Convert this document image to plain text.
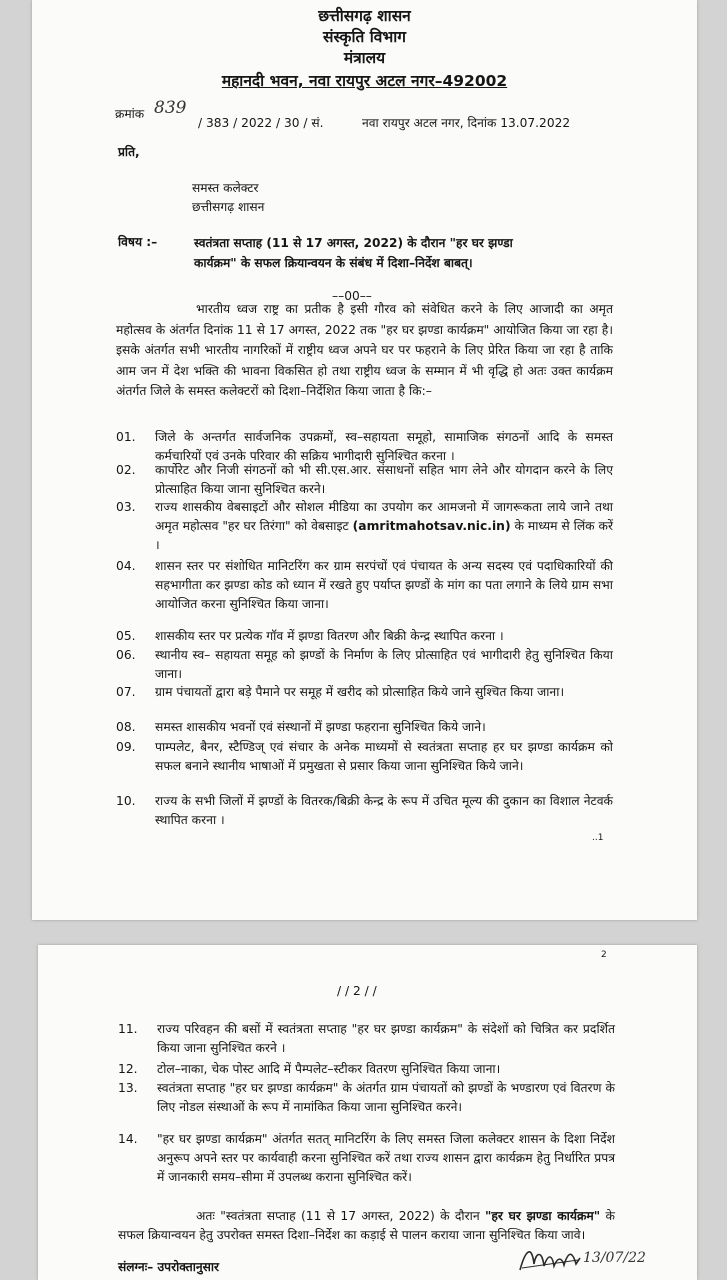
छत्तीसगढ़ शासन
संस्कृति विभाग
मंत्रालय
महानदी भवन, नवा रायपुर अटल नगर–492002
क्रमांक 839
/ 383 / 2022 / 30 / सं.	नवा रायपुर अटल नगर, दिनांक 13.07.2022
प्रति,
समस्त कलेक्टर
छत्तीसगढ़ शासन
विषय :–	स्वतंत्रता सप्ताह (11 से 17 अगस्त, 2022) के दौरान "हर घर झण्डा
कार्यक्रम" के सफल क्रियान्वयन के संबंध में दिशा–निर्देश बाबत्।
––00––
भारतीय ध्वज राष्ट्र का प्रतीक है इसी गौरव को संवेधित करने के लिए आजादी का अमृत महोत्सव के अंतर्गत दिनांक 11 से 17 अगस्त, 2022 तक "हर घर झण्डा कार्यक्रम" आयोजित किया जा रहा है। इसके अंतर्गत सभी भारतीय नागरिकों में राष्ट्रीय ध्वज अपने घर पर फहराने के लिए प्रेरित किया जा रहा है ताकि आम जन में देश भक्ति की भावना विकसित हो तथा राष्ट्रीय ध्वज के सम्मान में भी वृद्धि हो अतः उक्त कार्यक्रम अंतर्गत जिले के समस्त कलेक्टरों को दिशा–निर्देशित किया जाता है कि:–
01.	जिले के अन्तर्गत सार्वजनिक उपक्रमों, स्व–सहायता समूहो, सामाजिक संगठनों आदि के समस्त कर्मचारियों एवं उनके परिवार की सक्रिय भागीदारी सुनिश्चित करना ।
02.	कार्पोरेट और निजी संगठनों को भी सी.एस.आर. संसाधनों सहित भाग लेने और योगदान करने के लिए प्रोत्साहित किया जाना सुनिश्चित करने।
03.	राज्य शासकीय वेबसाइटों और सोशल मीडिया का उपयोग कर आमजनो में जागरूकता लाये जाने तथा अमृत महोत्सव "हर घर तिरंगा" को वेबसाइट (amritmahotsav.nic.in) के माध्यम से लिंक करें ।
04.	शासन स्तर पर संशोधित मानिटरिंग कर ग्राम सरपंचों एवं पंचायत के अन्य सदस्य एवं पदाधिकारियों की सहभागीता कर झण्डा कोड को ध्यान में रखते हुए पर्याप्त झण्डों के मांग का पता लगाने के लिये ग्राम सभा आयोजित करना सुनिश्चित किया जाना।
05.	शासकीय स्तर पर प्रत्येक गॉव में झण्डा वितरण और बिक्री केन्द्र स्थापित करना ।
06.	स्थानीय स्व– सहायता समूह को झण्डों के निर्माण के लिए प्रोत्साहित एवं भागीदारी हेतु सुनिश्चित किया जाना।
07.	ग्राम पंचायतों द्वारा बड़े पैमाने पर समूह में खरीद को प्रोत्साहित किये जाने सुश्चित किया जाना।
08.	समस्त शासकीय भवनों एवं संस्थानों में झण्डा फहराना सुनिश्चित किये जाने।
09.	पाम्पलेट, बैनर, स्टैण्डिज् एवं संचार के अनेक माध्यमों से स्वतंत्रता सप्ताह हर घर झण्डा कार्यक्रम को सफल बनाने स्थानीय भाषाओं में प्रमुखता से प्रसार किया जाना सुनिश्चित किये जाने।
10.	राज्य के सभी जिलों में झण्डों के वितरक/बिक्री केन्द्र के रूप में उचित मूल्य की दुकान का विशाल नेटवर्क स्थापित करना ।
..1
2
/ / 2 / /
11.	राज्य परिवहन की बसों में स्वतंत्रता सप्ताह "हर घर झण्डा कार्यक्रम" के संदेशों को चित्रित कर प्रदर्शित किया जाना सुनिश्चित करने ।
12.	टोल–नाका, चेक पोस्ट आदि में पैम्पलेट–स्टीकर वितरण सुनिश्चित किया जाना।
13.	स्वतंत्रता सप्ताह "हर घर झण्डा कार्यक्रम" के अंतर्गत ग्राम पंचायतों को झण्डों के भण्डारण एवं वितरण के लिए नोडल संस्थाओं के रूप में नामांकित किया जाना सुनिश्चित करने।
14.	"हर घर झण्डा कार्यक्रम" अंतर्गत सतत् मानिटरिंग के लिए समस्त जिला कलेक्टर शासन के दिशा निर्देश अनुरूप अपने स्तर पर कार्यवाही करना सुनिश्चित करें तथा राज्य शासन द्वारा कार्यक्रम हेतु निर्धारित प्रपत्र में जानकारी समय–सीमा में उपलब्ध कराना सुनिश्चित करें।
अतः "स्वतंत्रता सप्ताह (11 से 17 अगस्त, 2022) के दौरान "हर घर झण्डा कार्यक्रम" के सफल क्रियान्वयन हेतु उपरोक्त समस्त दिशा–निर्देश का कड़ाई से पालन कराया जाना सुनिश्चित किया जावे।
संलग्नः– उपरोक्तानुसार
13/07/22
